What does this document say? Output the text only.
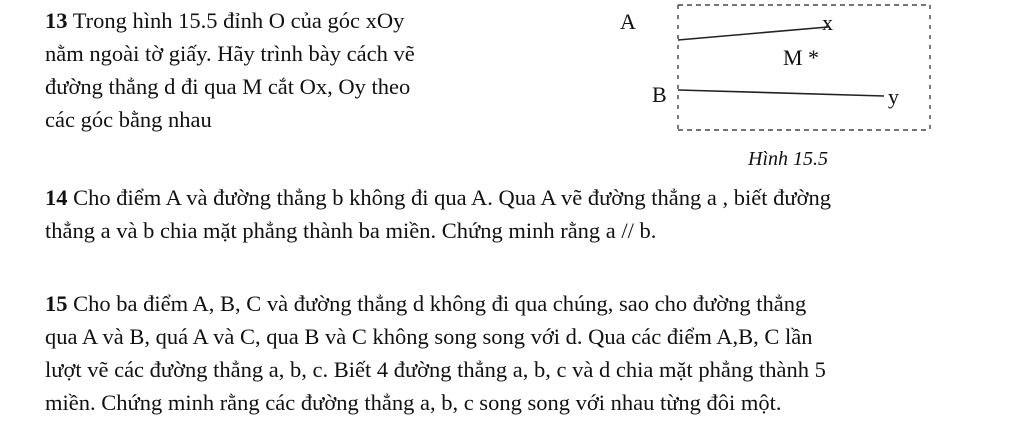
13 Trong hình 15.5 đỉnh O của góc xOy
nằm ngoài tờ giấy. Hãy trình bày cách vẽ
đường thẳng d đi qua M cắt Ox, Oy theo
các góc bằng nhau
A
B
x
y
M *
Hình 15.5
14 Cho điểm A và đường thẳng b không đi qua A. Qua A vẽ đường thẳng a , biết đường
thẳng a và b chia mặt phẳng thành ba miền. Chứng minh rằng a // b.
15 Cho ba điểm A, B, C và đường thẳng d không đi qua chúng, sao cho đường thẳng
qua A và B, quá A và C, qua B và C không song song với d. Qua các điểm A,B, C lần
lượt vẽ các đường thẳng a, b, c. Biết 4 đường thẳng a, b, c và d chia mặt phẳng thành 5
miền. Chứng minh rằng các đường thẳng a, b, c song song với nhau từng đôi một.
